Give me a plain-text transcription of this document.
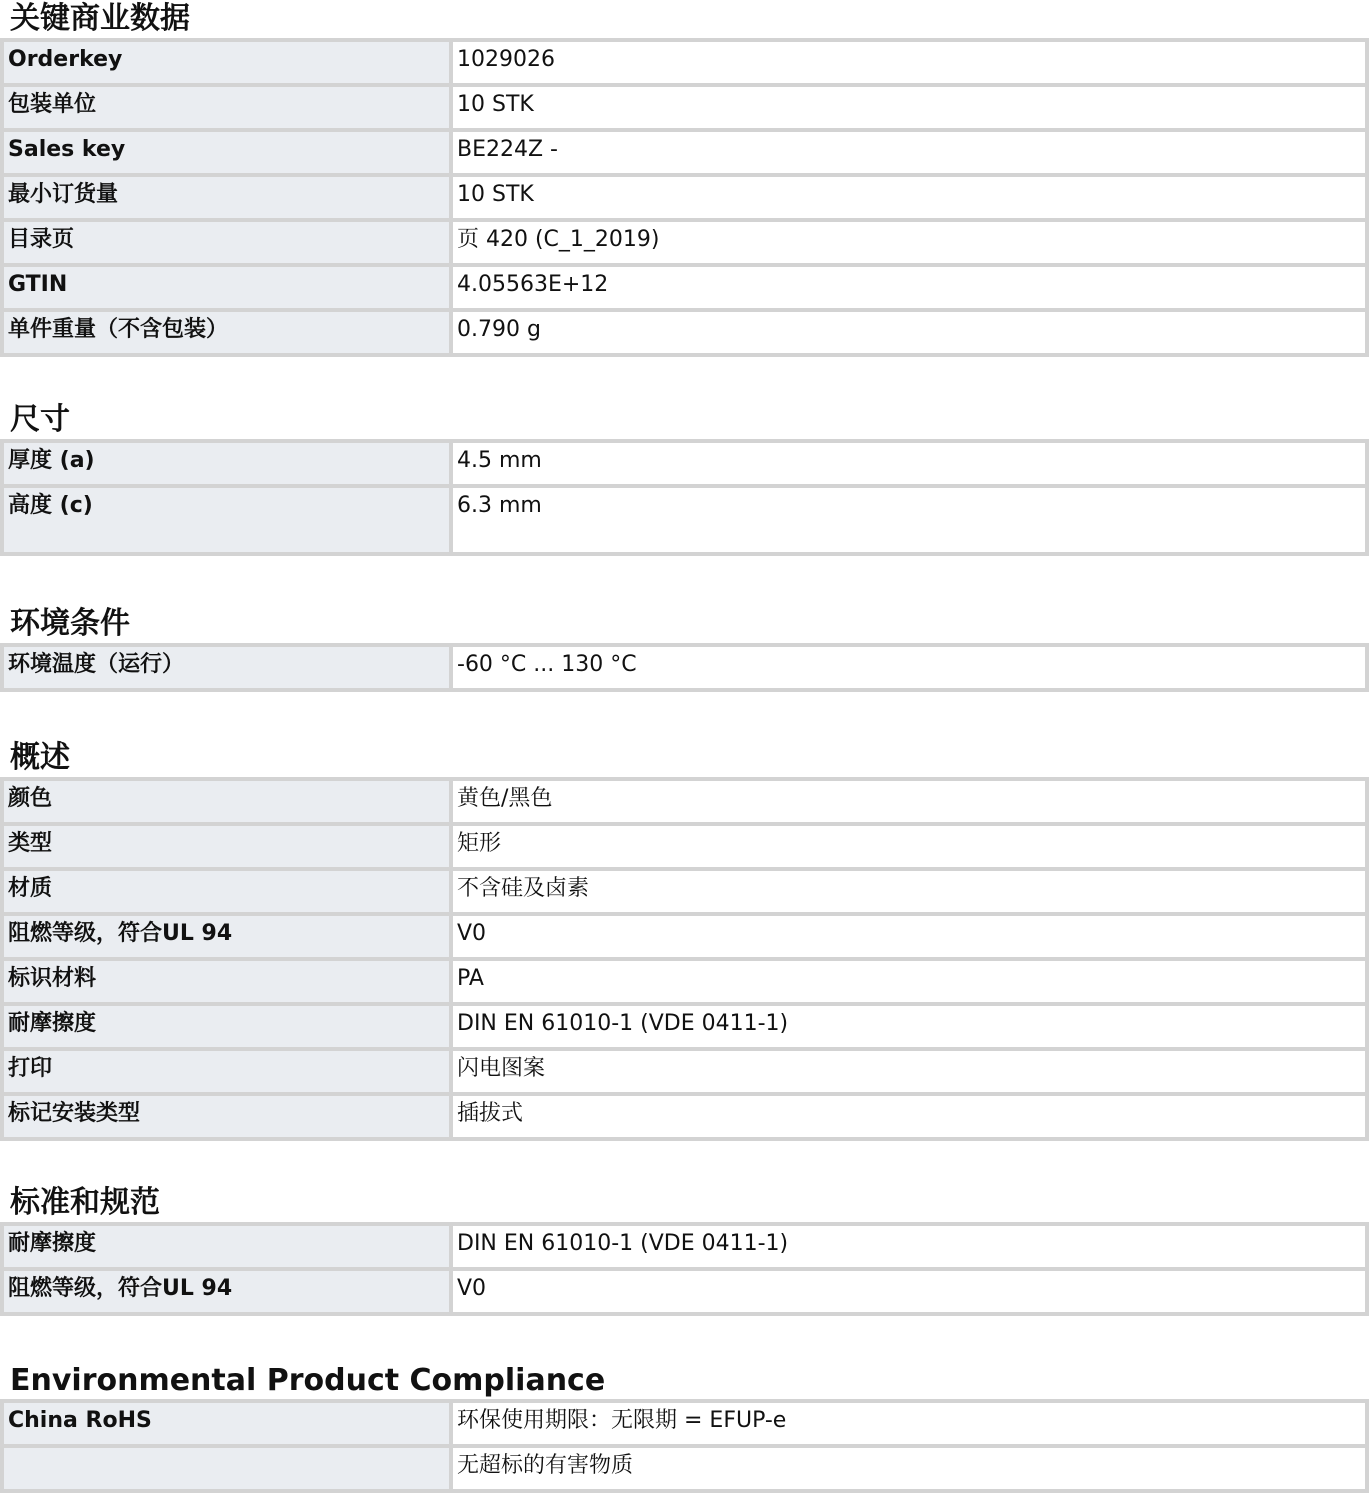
关键商业数据
Orderkey	1029026
包装单位	10 STK
Sales key	BE224Z -
最小订货量	10 STK
目录页	页 420 (C_1_2019)
GTIN	4.05563E+12
单件重量（不含包装）	0.790 g
尺寸
厚度 (a)	4.5 mm
高度 (c)	6.3 mm
环境条件
环境温度（运行）	-60 °C ... 130 °C
概述
颜色	黄色/黑色
类型	矩形
材质	不含硅及卤素
阻燃等级，符合UL 94	V0
标识材料	PA
耐摩擦度	DIN EN 61010-1 (VDE 0411-1)
打印	闪电图案
标记安装类型	插拔式
标准和规范
耐摩擦度	DIN EN 61010-1 (VDE 0411-1)
阻燃等级，符合UL 94	V0
Environmental Product Compliance
China RoHS	环保使用期限：无限期 = EFUP-e
	无超标的有害物质
